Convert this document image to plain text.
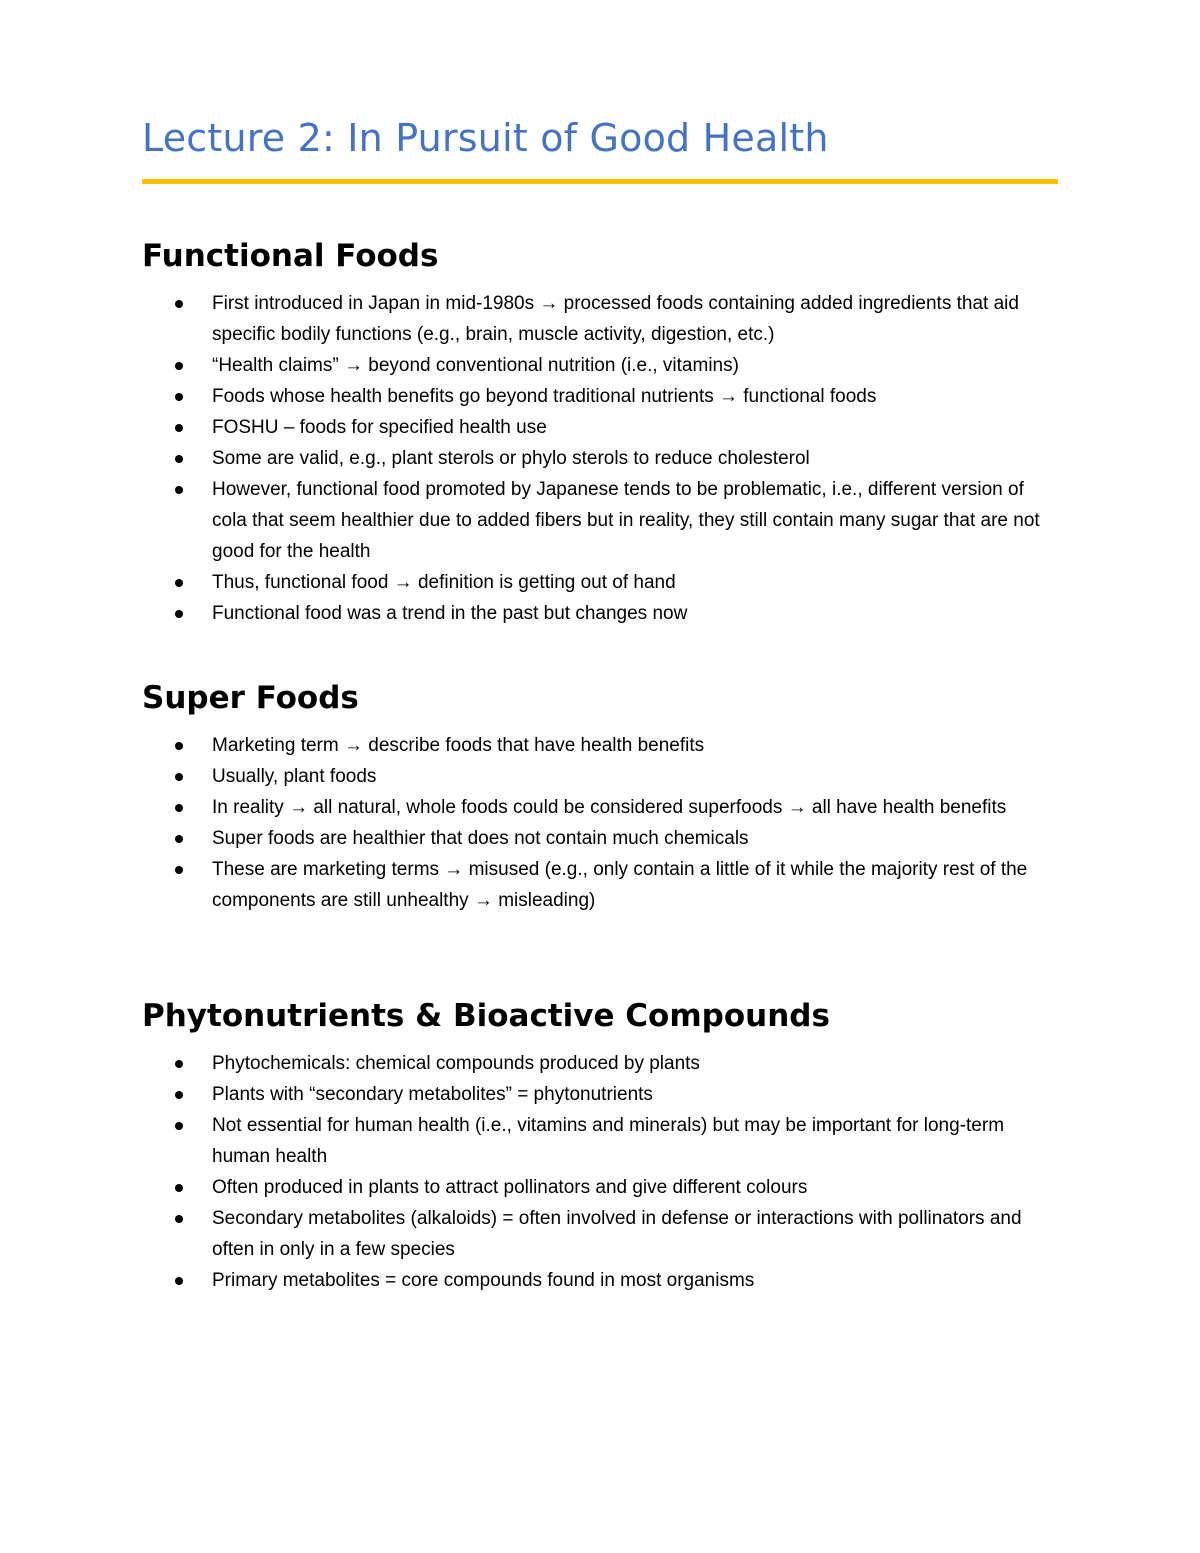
Lecture 2: In Pursuit of Good Health
Functional Foods
First introduced in Japan in mid-1980s → processed foods containing added ingredients that aid specific bodily functions (e.g., brain, muscle activity, digestion, etc.)
“Health claims” → beyond conventional nutrition (i.e., vitamins)
Foods whose health benefits go beyond traditional nutrients → functional foods
FOSHU – foods for specified health use
Some are valid, e.g., plant sterols or phylo sterols to reduce cholesterol
However, functional food promoted by Japanese tends to be problematic, i.e., different version of cola that seem healthier due to added fibers but in reality, they still contain many sugar that are not good for the health
Thus, functional food → definition is getting out of hand
Functional food was a trend in the past but changes now
Super Foods
Marketing term → describe foods that have health benefits
Usually, plant foods
In reality → all natural, whole foods could be considered superfoods → all have health benefits
Super foods are healthier that does not contain much chemicals
These are marketing terms → misused (e.g., only contain a little of it while the majority rest of the components are still unhealthy → misleading)
Phytonutrients & Bioactive Compounds
Phytochemicals: chemical compounds produced by plants
Plants with “secondary metabolites” = phytonutrients
Not essential for human health (i.e., vitamins and minerals) but may be important for long-term human health
Often produced in plants to attract pollinators and give different colours
Secondary metabolites (alkaloids) = often involved in defense or interactions with pollinators and often in only in a few species
Primary metabolites = core compounds found in most organisms
